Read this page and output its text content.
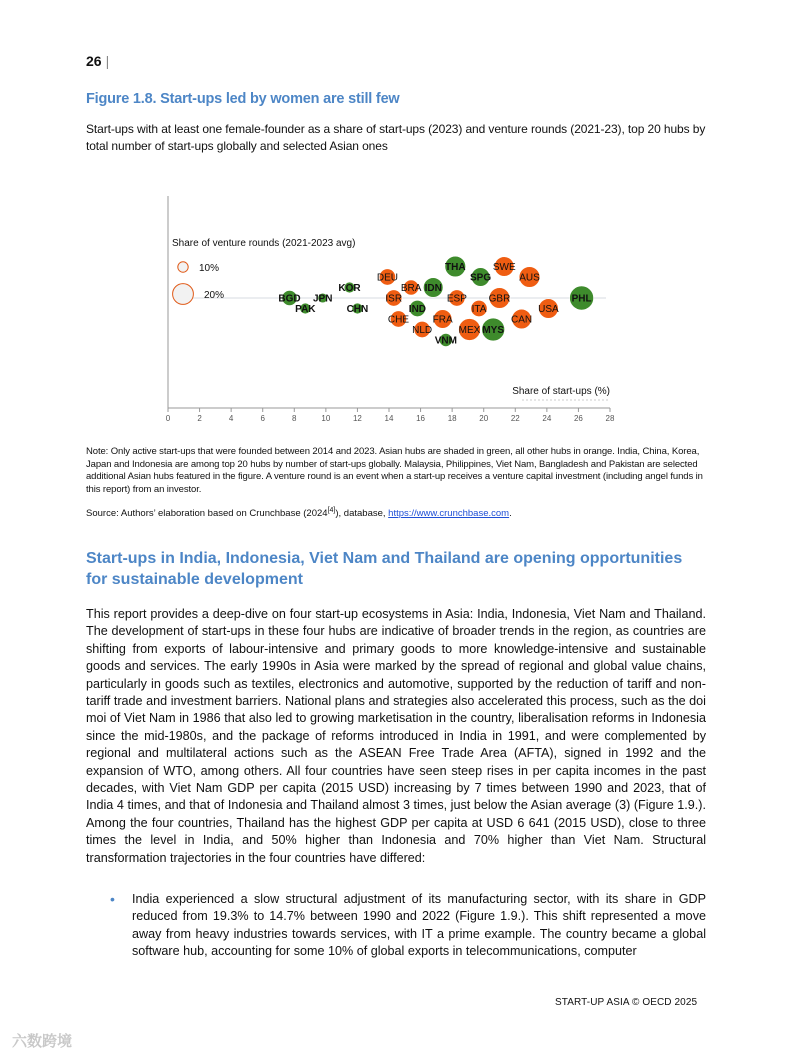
26 |
Figure 1.8. Start-ups led by women are still few
Start-ups with at least one female-founder as a share of start-ups (2023) and venture rounds (2021-23), top 20 hubs by total number of start-ups globally and selected Asian ones
0	2	4	6	8	10	12	14	16	18	20	22	24	26	28
Share of start-ups (%)
Share of venture rounds (2021-2023 avg)
10%
20%	BGD
PAK
JPN
KOR
CHN
DEU
ISR
CHE
BRA
IND
NLD
IDN
FRA
VNM
THA
ESP
MEX
ITA
SPG
MYS
SWE
GBR
CAN
AUS
USA
PHL
Note: Only active start-ups that were founded between 2014 and 2023. Asian hubs are shaded in green, all other hubs in orange. India, China, Korea, Japan and Indonesia are among top 20 hubs by number of start-ups globally. Malaysia, Philippines, Viet Nam, Bangladesh and Pakistan are selected additional Asian hubs featured in the figure. A venture round is an event when a start-up receives a venture capital investment (including angel funds in this report) from an investor.
Source: Authors’ elaboration based on Crunchbase (2024[4]), database, https://www.crunchbase.com.
Start-ups in India, Indonesia, Viet Nam and Thailand are opening opportunities for sustainable development
This report provides a deep-dive on four start-up ecosystems in Asia: India, Indonesia, Viet Nam and Thailand. The development of start-ups in these four hubs are indicative of broader trends in the region, as countries are shifting from exports of labour-intensive and primary goods to more knowledge-intensive and sustainable goods and services. The early 1990s in Asia were marked by the spread of regional and global value chains, particularly in goods such as textiles, electronics and automotive, supported by the reduction of tariff and non-tariff trade and investment barriers. National plans and strategies also accelerated this process, such as the doi moi of Viet Nam in 1986 that also led to growing marketisation in the country, liberalisation reforms in Indonesia since the mid-1980s, and the package of reforms introduced in India in 1991, and were complemented by regional and multilateral actions such as the ASEAN Free Trade Area (AFTA), signed in 1992 and the expansion of WTO, among others. All four countries have seen steep rises in per capita incomes in the past decades, with Viet Nam GDP per capita (2015 USD) increasing by 7 times between 1990 and 2023, that of India 4 times, and that of Indonesia and Thailand almost 3 times, just below the Asian average (3) (Figure 1.9.). Among the four countries, Thailand has the highest GDP per capita at USD 6 641 (2015 USD), close to three times the level in India, and 50% higher than Indonesia and 70% higher than Viet Nam. Structural transformation trajectories in the four countries have differed:
• India experienced a slow structural adjustment of its manufacturing sector, with its share in GDP reduced from 19.3% to 14.7% between 1990 and 2022 (Figure 1.9.). This shift represented a move away from heavy industries towards services, with IT a prime example. The country became a global software hub, accounting for some 10% of global exports in telecommunications, computer
START-UP ASIA © OECD 2025
六数跨境
